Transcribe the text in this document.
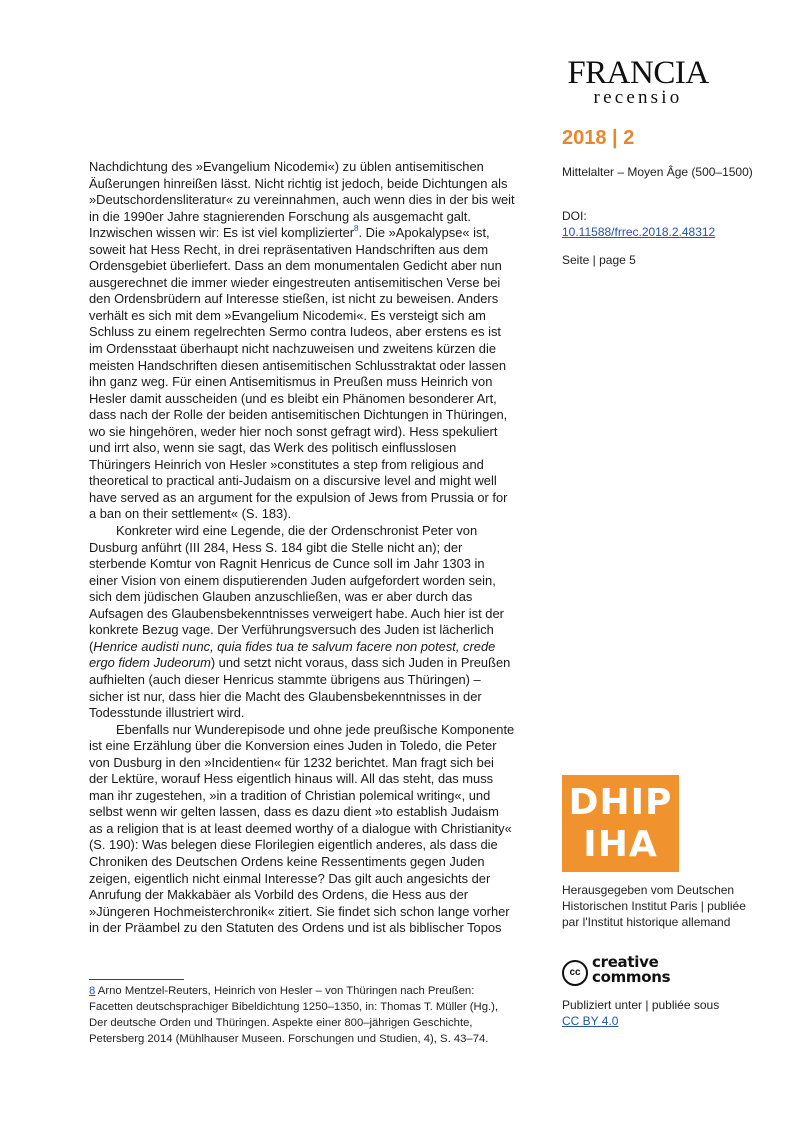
FRANCIA
recensio
2018 | 2
Mittelalter – Moyen Âge (500–1500)
DOI:
10.11588/frrec.2018.2.48312
Seite | page 5

Nachdichtung des »Evangelium Nicodemi«) zu üblen antisemitischen Äußerungen hinreißen lässt. Nicht richtig ist jedoch, beide Dichtungen als »Deutschordensliteratur« zu vereinnahmen, auch wenn dies in der bis weit in die 1990er Jahre stagnierenden Forschung als ausgemacht galt. Inzwischen wissen wir: Es ist viel komplizierter$^8$. Die »Apokalypse« ist, soweit hat Hess Recht, in drei repräsentativen Handschriften aus dem Ordensgebiet überliefert. Dass an dem monumentalen Gedicht aber nun ausgerechnet die immer wieder eingestreuten antisemitischen Verse bei den Ordensbrüdern auf Interesse stießen, ist nicht zu beweisen. Anders verhält es sich mit dem »Evangelium Nicodemi«. Es versteigt sich am Schluss zu einem regelrechten Sermo contra Iudeos, aber erstens es ist im Ordensstaat überhaupt nicht nachzuweisen und zweitens kürzen die meisten Handschriften diesen antisemitischen Schlusstraktat oder lassen ihn ganz weg. Für einen Antisemitismus in Preußen muss Heinrich von Hesler damit ausscheiden (und es bleibt ein Phänomen besonderer Art, dass nach der Rolle der beiden antisemitischen Dichtungen in Thüringen, wo sie hingehören, weder hier noch sonst gefragt wird). Hess spekuliert und irrt also, wenn sie sagt, das Werk des politisch einflusslosen Thüringers Heinrich von Hesler »constitutes a step from religious and theoretical to practical anti-Judaism on a discursive level and might well have served as an argument for the expulsion of Jews from Prussia or for a ban on their settlement« (S. 183).

Konkreter wird eine Legende, die der Ordenschronist Peter von Dusburg anführt (III 284, Hess S. 184 gibt die Stelle nicht an); der sterbende Komtur von Ragnit Henricus de Cunce soll im Jahr 1303 in einer Vision von einem disputierenden Juden aufgefordert worden sein, sich dem jüdischen Glauben anzuschließen, was er aber durch das Aufsagen des Glaubensbekenntnisses verweigert habe. Auch hier ist der konkrete Bezug vage. Der Verführungsversuch des Juden ist lächerlich (Henrice audisti nunc, quia fides tua te salvum facere non potest, crede ergo fidem Judeorum) und setzt nicht voraus, dass sich Juden in Preußen aufhielten (auch dieser Henricus stammte übrigens aus Thüringen) – sicher ist nur, dass hier die Macht des Glaubensbekenntnisses in der Todesstunde illustriert wird.

Ebenfalls nur Wunderepisode und ohne jede preußische Komponente ist eine Erzählung über die Konversion eines Juden in Toledo, die Peter von Dusburg in den »Incidentien« für 1232 berichtet. Man fragt sich bei der Lektüre, worauf Hess eigentlich hinaus will. All das steht, das muss man ihr zugestehen, »in a tradition of Christian polemical writing«, und selbst wenn wir gelten lassen, dass es dazu dient »to establish Judaism as a religion that is at least deemed worthy of a dialogue with Christianity« (S. 190): Was belegen diese Florilegien eigentlich anderes, als dass die Chroniken des Deutschen Ordens keine Ressentiments gegen Juden zeigen, eigentlich nicht einmal Interesse? Das gilt auch angesichts der Anrufung der Makkabäer als Vorbild des Ordens, die Hess aus der »Jüngeren Hochmeisterchronik« zitiert. Sie findet sich schon lange vorher in der Präambel zu den Statuten des Ordens und ist als biblischer Topos

DHIP
IHA
Herausgegeben vom Deutschen Historischen Institut Paris | publiée par l'Institut historique allemand
cc
creative
commons
Publiziert unter | publiée sous
CC BY 4.0
8 Arno Mentzel-Reuters, Heinrich von Hesler – von Thüringen nach Preußen: Facetten deutschsprachiger Bibeldichtung 1250–1350, in: Thomas T. Müller (Hg.), Der deutsche Orden und Thüringen. Aspekte einer 800–jährigen Geschichte, Petersberg 2014 (Mühlhauser Museen. Forschungen und Studien, 4), S. 43–74.
